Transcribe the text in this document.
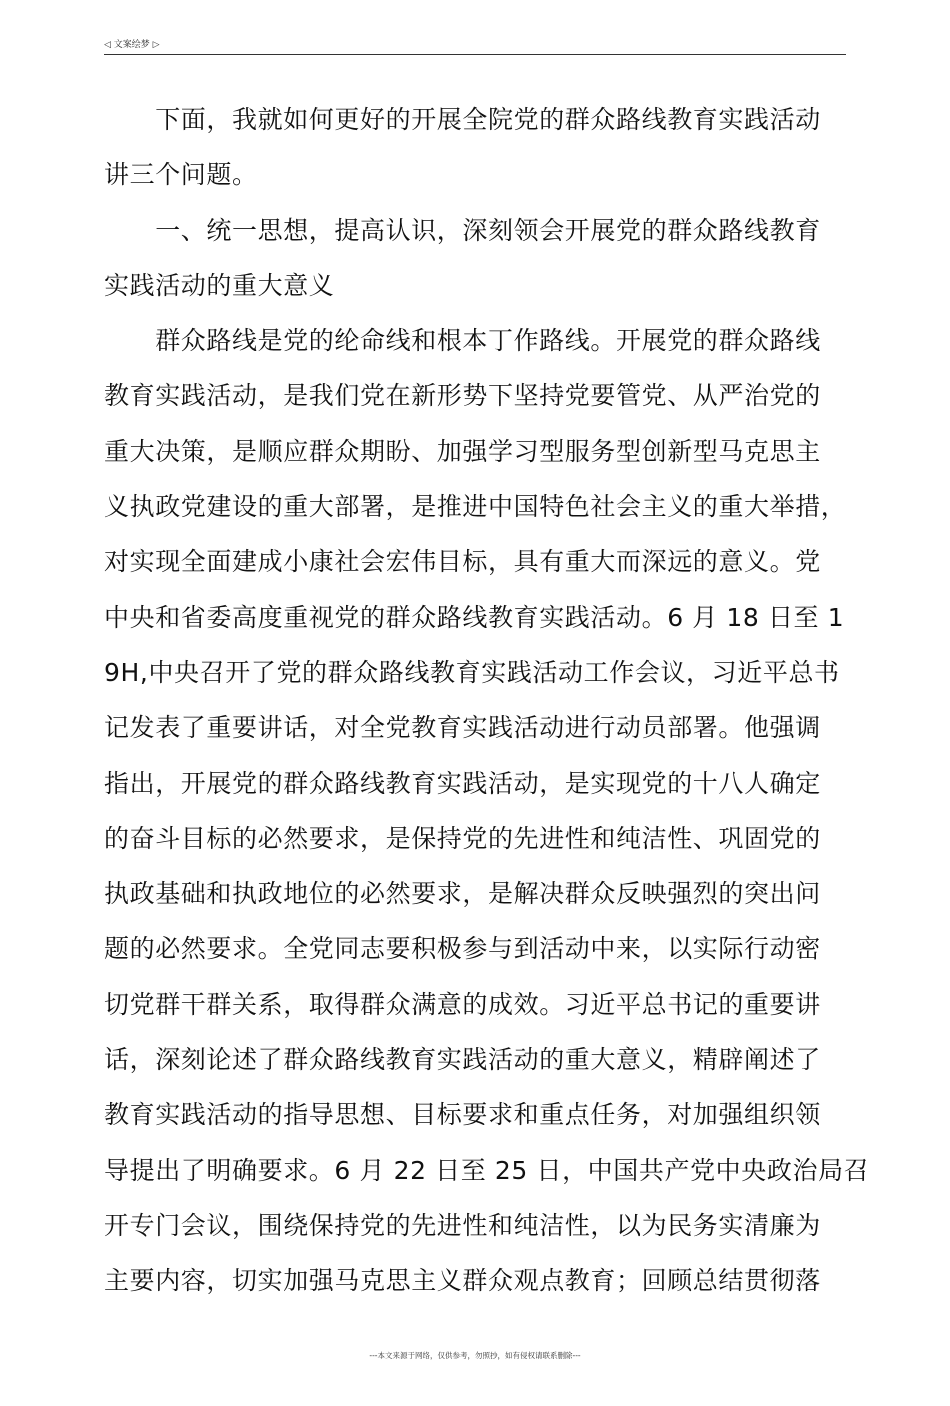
◁ 文案绘梦 ▷
　　下面，我就如何更好的开展全院党的群众路线教育实践活动
讲三个问题。
　　一、统一思想，提高认识，深刻领会开展党的群众路线教育
实践活动的重大意义
　　群众路线是党的纶命线和根本丁作路线。开展党的群众路线
教育实践活动，是我们党在新形势下坚持党要管党、从严治党的
重大决策，是顺应群众期盼、加强学习型服务型创新型马克思主
义执政党建设的重大部署，是推进中国特色社会主义的重大举措，
对实现全面建成小康社会宏伟目标，具有重大而深远的意义。党
中央和省委高度重视党的群众路线教育实践活动。6 月 18 日至 1
9H,中央召开了党的群众路线教育实践活动工作会议，习近平总书
记发表了重要讲话，对全党教育实践活动进行动员部署。他强调
指出，开展党的群众路线教育实践活动，是实现党的十八人确定
的奋斗目标的必然要求，是保持党的先进性和纯洁性、巩固党的
执政基础和执政地位的必然要求，是解决群众反映强烈的突出问
题的必然要求。全党同志要积极参与到活动中来，以实际行动密
切党群干群关系，取得群众满意的成效。习近平总书记的重要讲
话，深刻论述了群众路线教育实践活动的重大意义，精辟阐述了
教育实践活动的指导思想、目标要求和重点任务，对加强组织领
导提出了明确要求。6 月 22 日至 25 日，中国共产党中央政治局召
开专门会议，围绕保持党的先进性和纯洁性，以为民务实清廉为
主要内容，切实加强马克思主义群众观点教育；回顾总结贯彻落
---本文来源于网络，仅供参考，勿照抄，如有侵权请联系删除---
